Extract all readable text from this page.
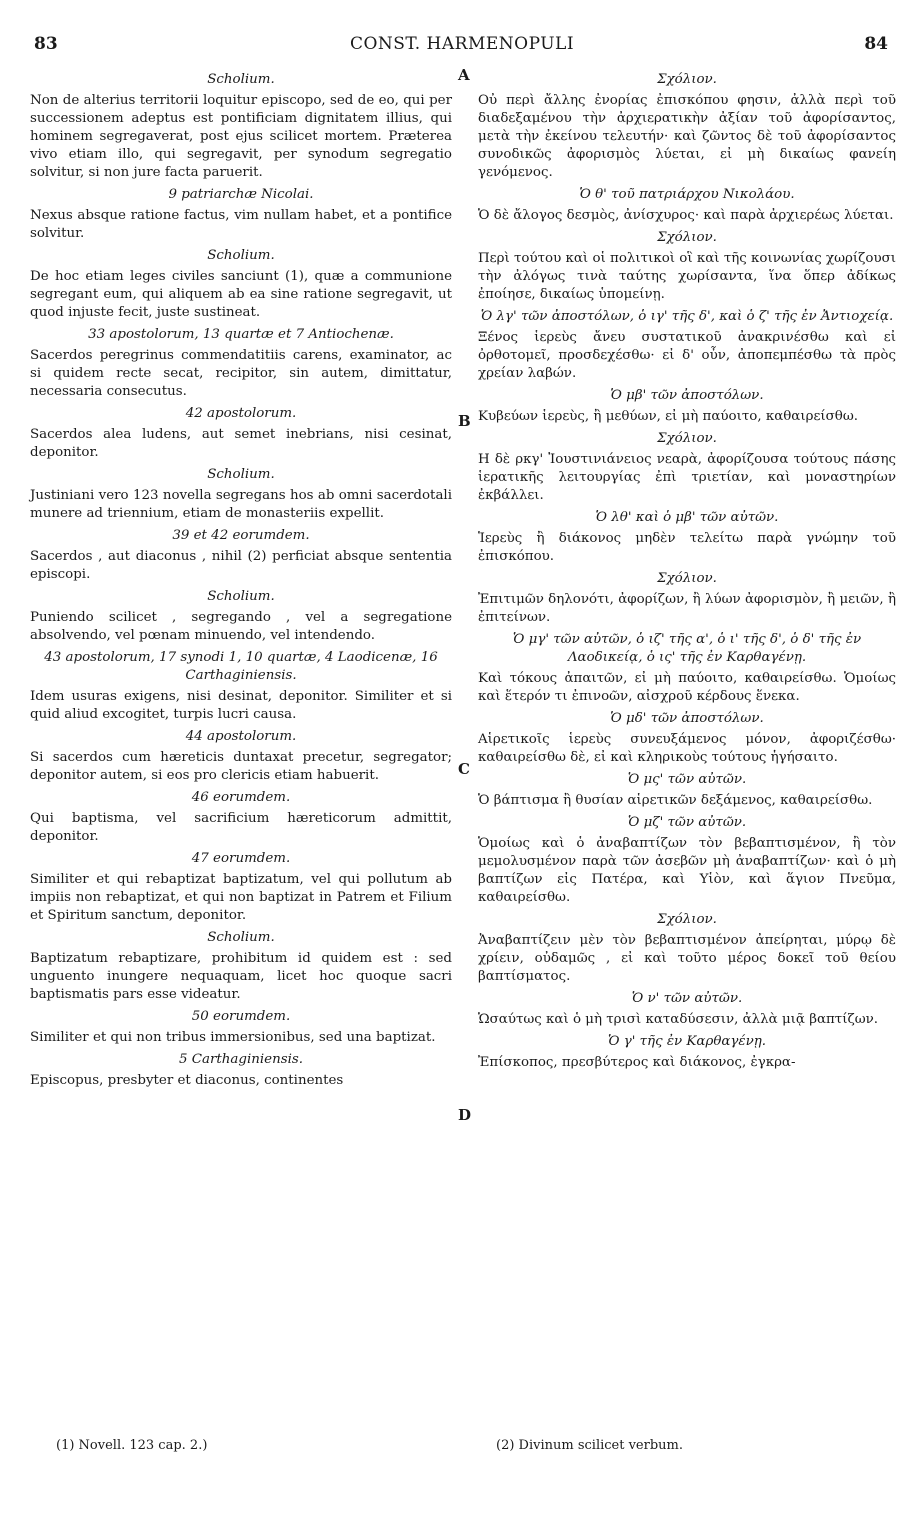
83	CONST. HARMENOPULI	84
A
B
C
D

Scholium.

Non de alterius territorii loquitur episcopo, sed de eo, qui per successionem adeptus est pontificiam dignitatem illius, qui hominem segregaverat, post ejus scilicet mortem. Præterea vivo etiam illo, qui segregavit, per synodum segregatio solvitur, si non jure facta paruerit.

9 patriarchæ Nicolai.

Nexus absque ratione factus, vim nullam habet, et a pontifice solvitur.

Scholium.

De hoc etiam leges civiles sanciunt (1), quæ a communione segregant eum, qui aliquem ab ea sine ratione segregavit, ut quod injuste fecit, juste sustineat.

33 apostolorum, 13 quartæ et 7 Antiochenæ.

Sacerdos peregrinus commendatitiis carens, examinator, ac si quidem recte secat, recipitor, sin autem, dimittatur, necessaria consecutus.

42 apostolorum.

Sacerdos alea ludens, aut semet inebrians, nisi cesinat, deponitor.

Scholium.

Justiniani vero 123 novella segregans hos ab omni sacerdotali munere ad triennium, etiam de monasteriis expellit.

39 et 42 eorumdem.

Sacerdos , aut diaconus , nihil (2) perficiat absque sententia episcopi.

Scholium.

Puniendo scilicet , segregando , vel a segregatione absolvendo, vel pœnam minuendo, vel intendendo.

43 apostolorum, 17 synodi 1, 10 quartæ, 4 Laodicenæ, 16 Carthaginiensis.

Idem usuras exigens, nisi desinat, deponitor. Similiter et si quid aliud excogitet, turpis lucri causa.

44 apostolorum.

Si sacerdos cum hæreticis duntaxat precetur, segregator; deponitor autem, si eos pro clericis etiam habuerit.

46 eorumdem.

Qui baptisma, vel sacrificium hæreticorum admittit, deponitor.

47 eorumdem.

Similiter et qui rebaptizat baptizatum, vel qui pollutum ab impiis non rebaptizat, et qui non baptizat in Patrem et Filium et Spiritum sanctum, deponitor.

Scholium.

Baptizatum rebaptizare, prohibitum id quidem est : sed unguento inungere nequaquam, licet hoc quoque sacri baptismatis pars esse videatur.

50 eorumdem.

Similiter et qui non tribus immersionibus, sed una baptizat.

5 Carthaginiensis.

Episcopus, presbyter et diaconus, continentes

Σχόλιον.

Οὐ περὶ ἄλλης ἐνορίας ἐπισκόπου φησιν, ἀλλὰ περὶ τοῦ διαδεξαμένου τὴν ἀρχιερατικὴν ἀξίαν τοῦ ἀφορίσαντος, μετὰ τὴν ἐκείνου τελευτήν· καὶ ζῶντος δὲ τοῦ ἀφορίσαντος συνοδικῶς ἀφορισμὸς λύεται, εἰ μὴ δικαίως φανείη γενόμενος.

Ὁ θ' τοῦ πατριάρχου Νικολάου.

Ὁ δὲ ἄλογος δεσμὸς, ἀνίσχυρος· καὶ παρὰ ἀρχιερέως λύεται.

Σχόλιον.

Περὶ τούτου καὶ οἱ πολιτικοὶ οἳ καὶ τῆς κοινωνίας χωρίζουσι τὴν ἀλόγως τινὰ ταύτης χωρίσαντα, ἵνα ὅπερ ἀδίκως ἐποίησε, δικαίως ὑπομείνῃ.

Ὁ λγ' τῶν ἀποστόλων, ὁ ιγ' τῆς δ', καὶ ὁ ζ' τῆς ἐν Ἀντιοχείᾳ.

Ξένος ἱερεὺς ἄνευ συστατικοῦ ἀνακρινέσθω καὶ εἰ ὀρθοτομεῖ, προσδεχέσθω· εἰ δ' οὖν, ἀποπεμπέσθω τὰ πρὸς χρείαν λαβών.

Ὁ μβ' τῶν ἀποστόλων.

Κυβεύων ἱερεὺς, ἢ μεθύων, εἰ μὴ παύοιτο, καθαιρείσθω.

Σχόλιον.

Η δὲ ρκγ' Ἰουστινιάνειος νεαρὰ, ἀφορίζουσα τούτους πάσης ἱερατικῆς λειτουργίας ἐπὶ τριετίαν, καὶ μοναστηρίων ἐκβάλλει.

Ὁ λθ' καὶ ὁ μβ' τῶν αὐτῶν.

Ἱερεὺς ἢ διάκονος μηδὲν τελείτω παρὰ γνώμην τοῦ ἐπισκόπου.

Σχόλιον.

Ἐπιτιμῶν δηλονότι, ἀφορίζων, ἢ λύων ἀφορισμὸν, ἢ μειῶν, ἢ ἐπιτείνων.

Ὁ μγ' τῶν αὐτῶν, ὁ ιζ' τῆς α', ὁ ι' τῆς δ', ὁ δ' τῆς ἐν Λαοδικείᾳ, ὁ ις' τῆς ἐν Καρθαγένῃ.

Καὶ τόκους ἀπαιτῶν, εἰ μὴ παύοιτο, καθαιρείσθω. Ὁμοίως καὶ ἕτερόν τι ἐπινοῶν, αἰσχροῦ κέρδους ἕνεκα.

Ὁ μδ' τῶν ἀποστόλων.

Αἱρετικοῖς ἱερεὺς συνευξάμενος μόνον, ἀφοριζέσθω· καθαιρείσθω δὲ, εἰ καὶ κληρικοὺς τούτους ἡγήσαιτο.

Ὁ μς' τῶν αὐτῶν.

Ὁ βάπτισμα ἢ θυσίαν αἱρετικῶν δεξάμενος, καθαιρείσθω.

Ὁ μζ' τῶν αὐτῶν.

Ὁμοίως καὶ ὁ ἀναβαπτίζων τὸν βεβαπτισμένον, ἢ τὸν μεμολυσμένον παρὰ τῶν ἀσεβῶν μὴ ἀναβαπτίζων· καὶ ὁ μὴ βαπτίζων εἰς Πατέρα, καὶ Υἱὸν, καὶ ἅγιον Πνεῦμα, καθαιρείσθω.

Σχόλιον.

Ἀναβαπτίζειν μὲν τὸν βεβαπτισμένον ἀπείρηται, μύρῳ δὲ χρίειν, οὐδαμῶς , εἰ καὶ τοῦτο μέρος δοκεῖ τοῦ θείου βαπτίσματος.

Ὁ ν' τῶν αὐτῶν.

Ὡσαύτως καὶ ὁ μὴ τρισὶ καταδύσεσιν, ἀλλὰ μιᾷ βαπτίζων.

Ὁ γ' τῆς ἐν Καρθαγένῃ.

Ἐπίσκοπος, πρεσβύτερος καὶ διάκονος, ἐγκρα-

(1) Novell. 123 cap. 2.)	(2) Divinum scilicet verbum.
